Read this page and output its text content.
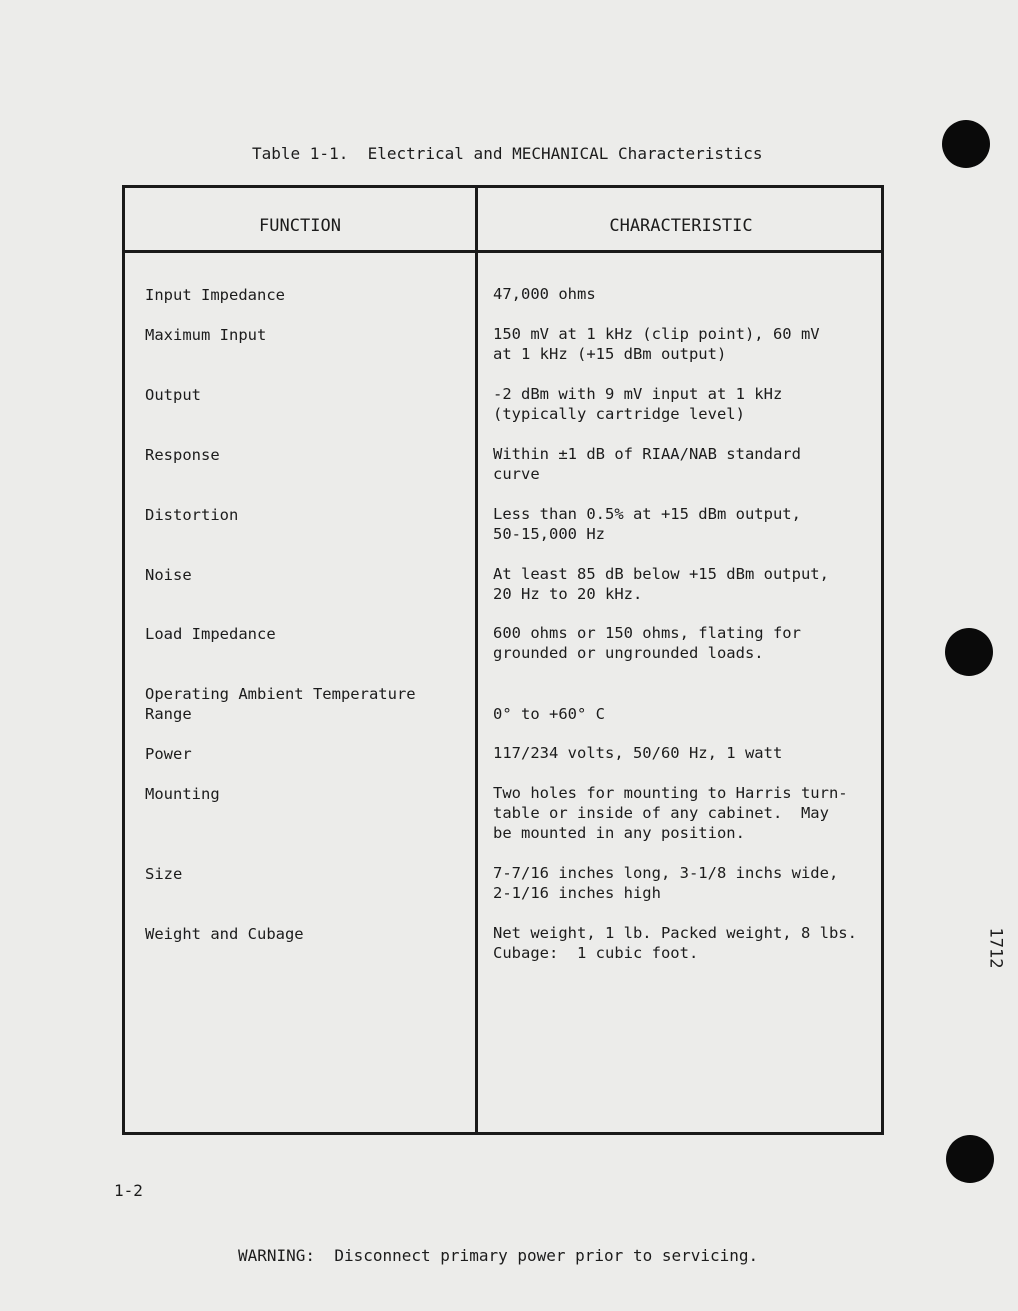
Table 1-1.  Electrical and MECHANICAL Characteristics
FUNCTION	CHARACTERISTIC
Input Impedance	47,000 ohms
Maximum Input	150 mV at 1 kHz (clip point), 60 mV
at 1 kHz (+15 dBm output)
Output	-2 dBm with 9 mV input at 1 kHz
(typically cartridge level)
Response	Within ±1 dB of RIAA/NAB standard
curve
Distortion	Less than 0.5% at +15 dBm output,
50-15,000 Hz
Noise	At least 85 dB below +15 dBm output,
20 Hz to 20 kHz.
Load Impedance	600 ohms or 150 ohms, flating for
grounded or ungrounded loads.
Operating Ambient Temperature
Range	0° to +60° C
Power	117/234 volts, 50/60 Hz, 1 watt
Mounting	Two holes for mounting to Harris turn-
table or inside of any cabinet.  May
be mounted in any position.
Size	7-7/16 inches long, 3-1/8 inchs wide,
2-1/16 inches high
Weight and Cubage	Net weight, 1 lb. Packed weight, 8 lbs.
Cubage:  1 cubic foot.
1-2
1712
WARNING:  Disconnect primary power prior to servicing.
